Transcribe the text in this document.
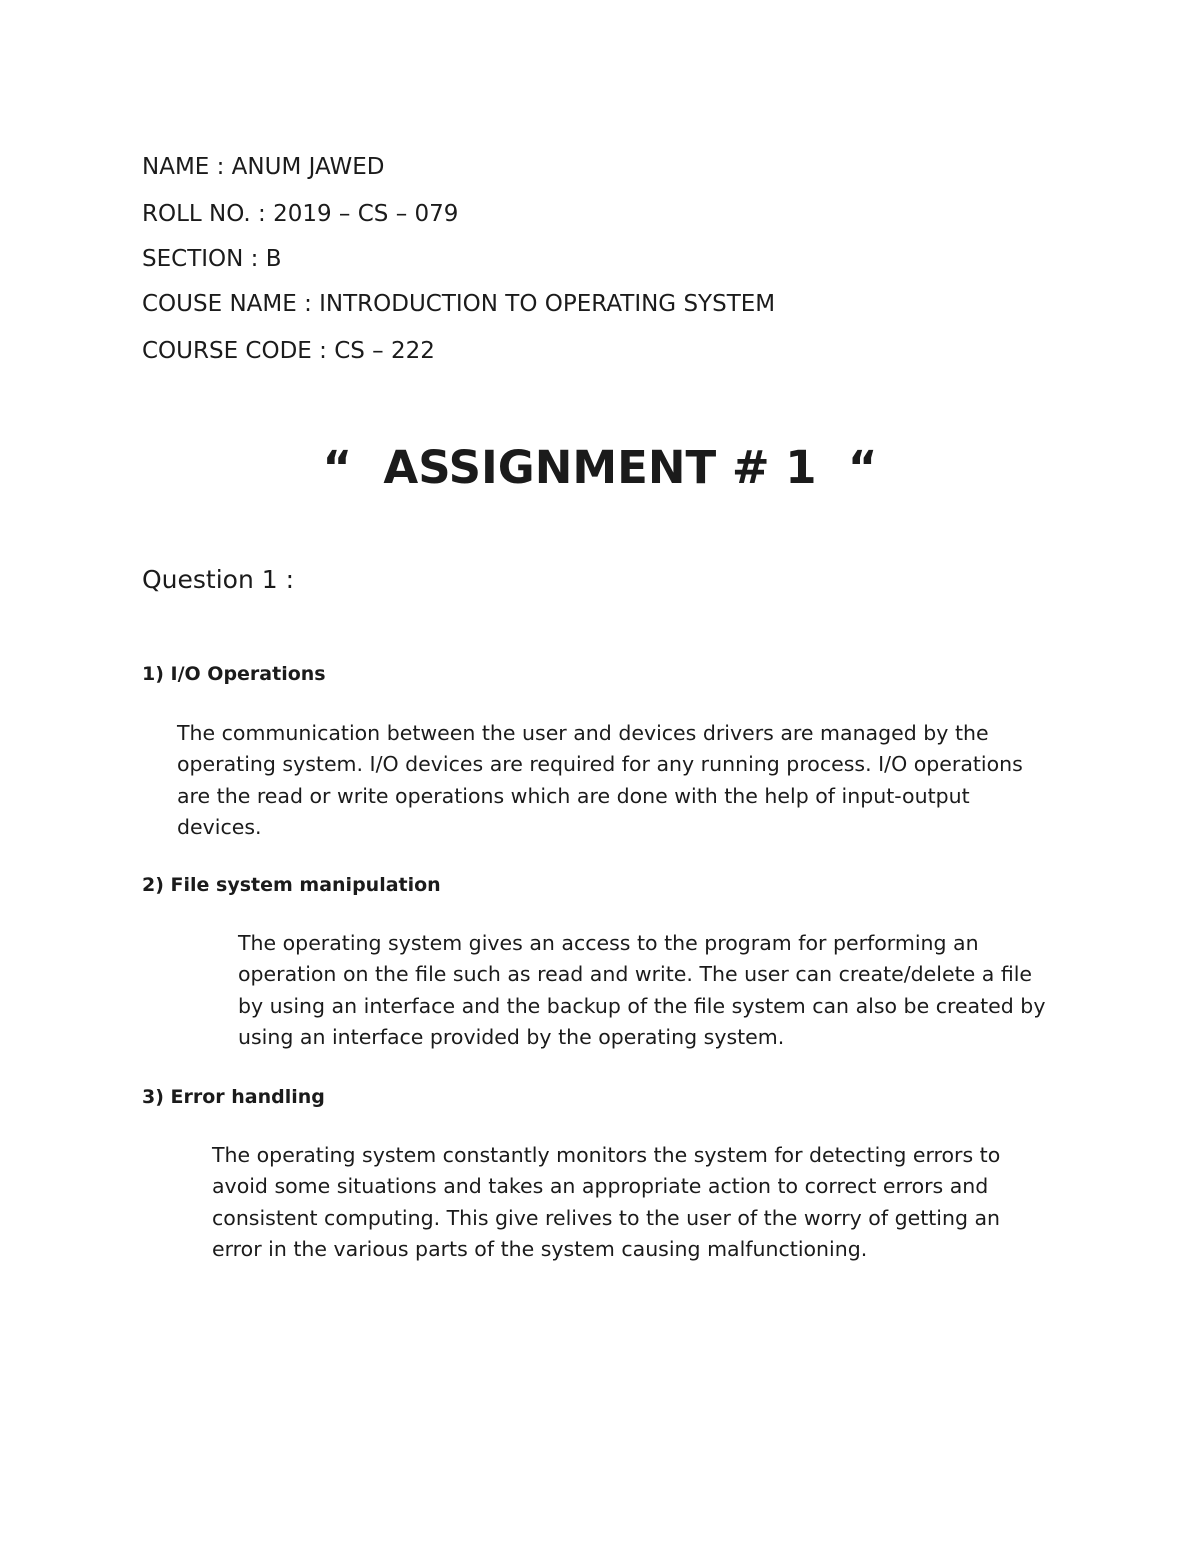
NAME : ANUM JAWED
ROLL NO. : 2019 – CS – 079
SECTION : B
COUSE NAME : INTRODUCTION TO OPERATING SYSTEM
COURSE CODE : CS – 222
“  ASSIGNMENT # 1  “
Question 1 :
1) I/O Operations
The communication between the user and devices drivers are managed by the
operating system. I/O devices are required for any running process. I/O operations
are the read or write operations which are done with the help of input-output
devices.
2) File system manipulation
The operating system gives an access to the program for performing an
operation on the file such as read and write. The user can create/delete a file
by using an interface and the backup of the file system can also be created by
using an interface provided by the operating system.
3) Error handling
The operating system constantly monitors the system for detecting errors to
avoid some situations and takes an appropriate action to correct errors and
consistent computing. This give relives to the user of the worry of getting an
error in the various parts of the system causing malfunctioning.
